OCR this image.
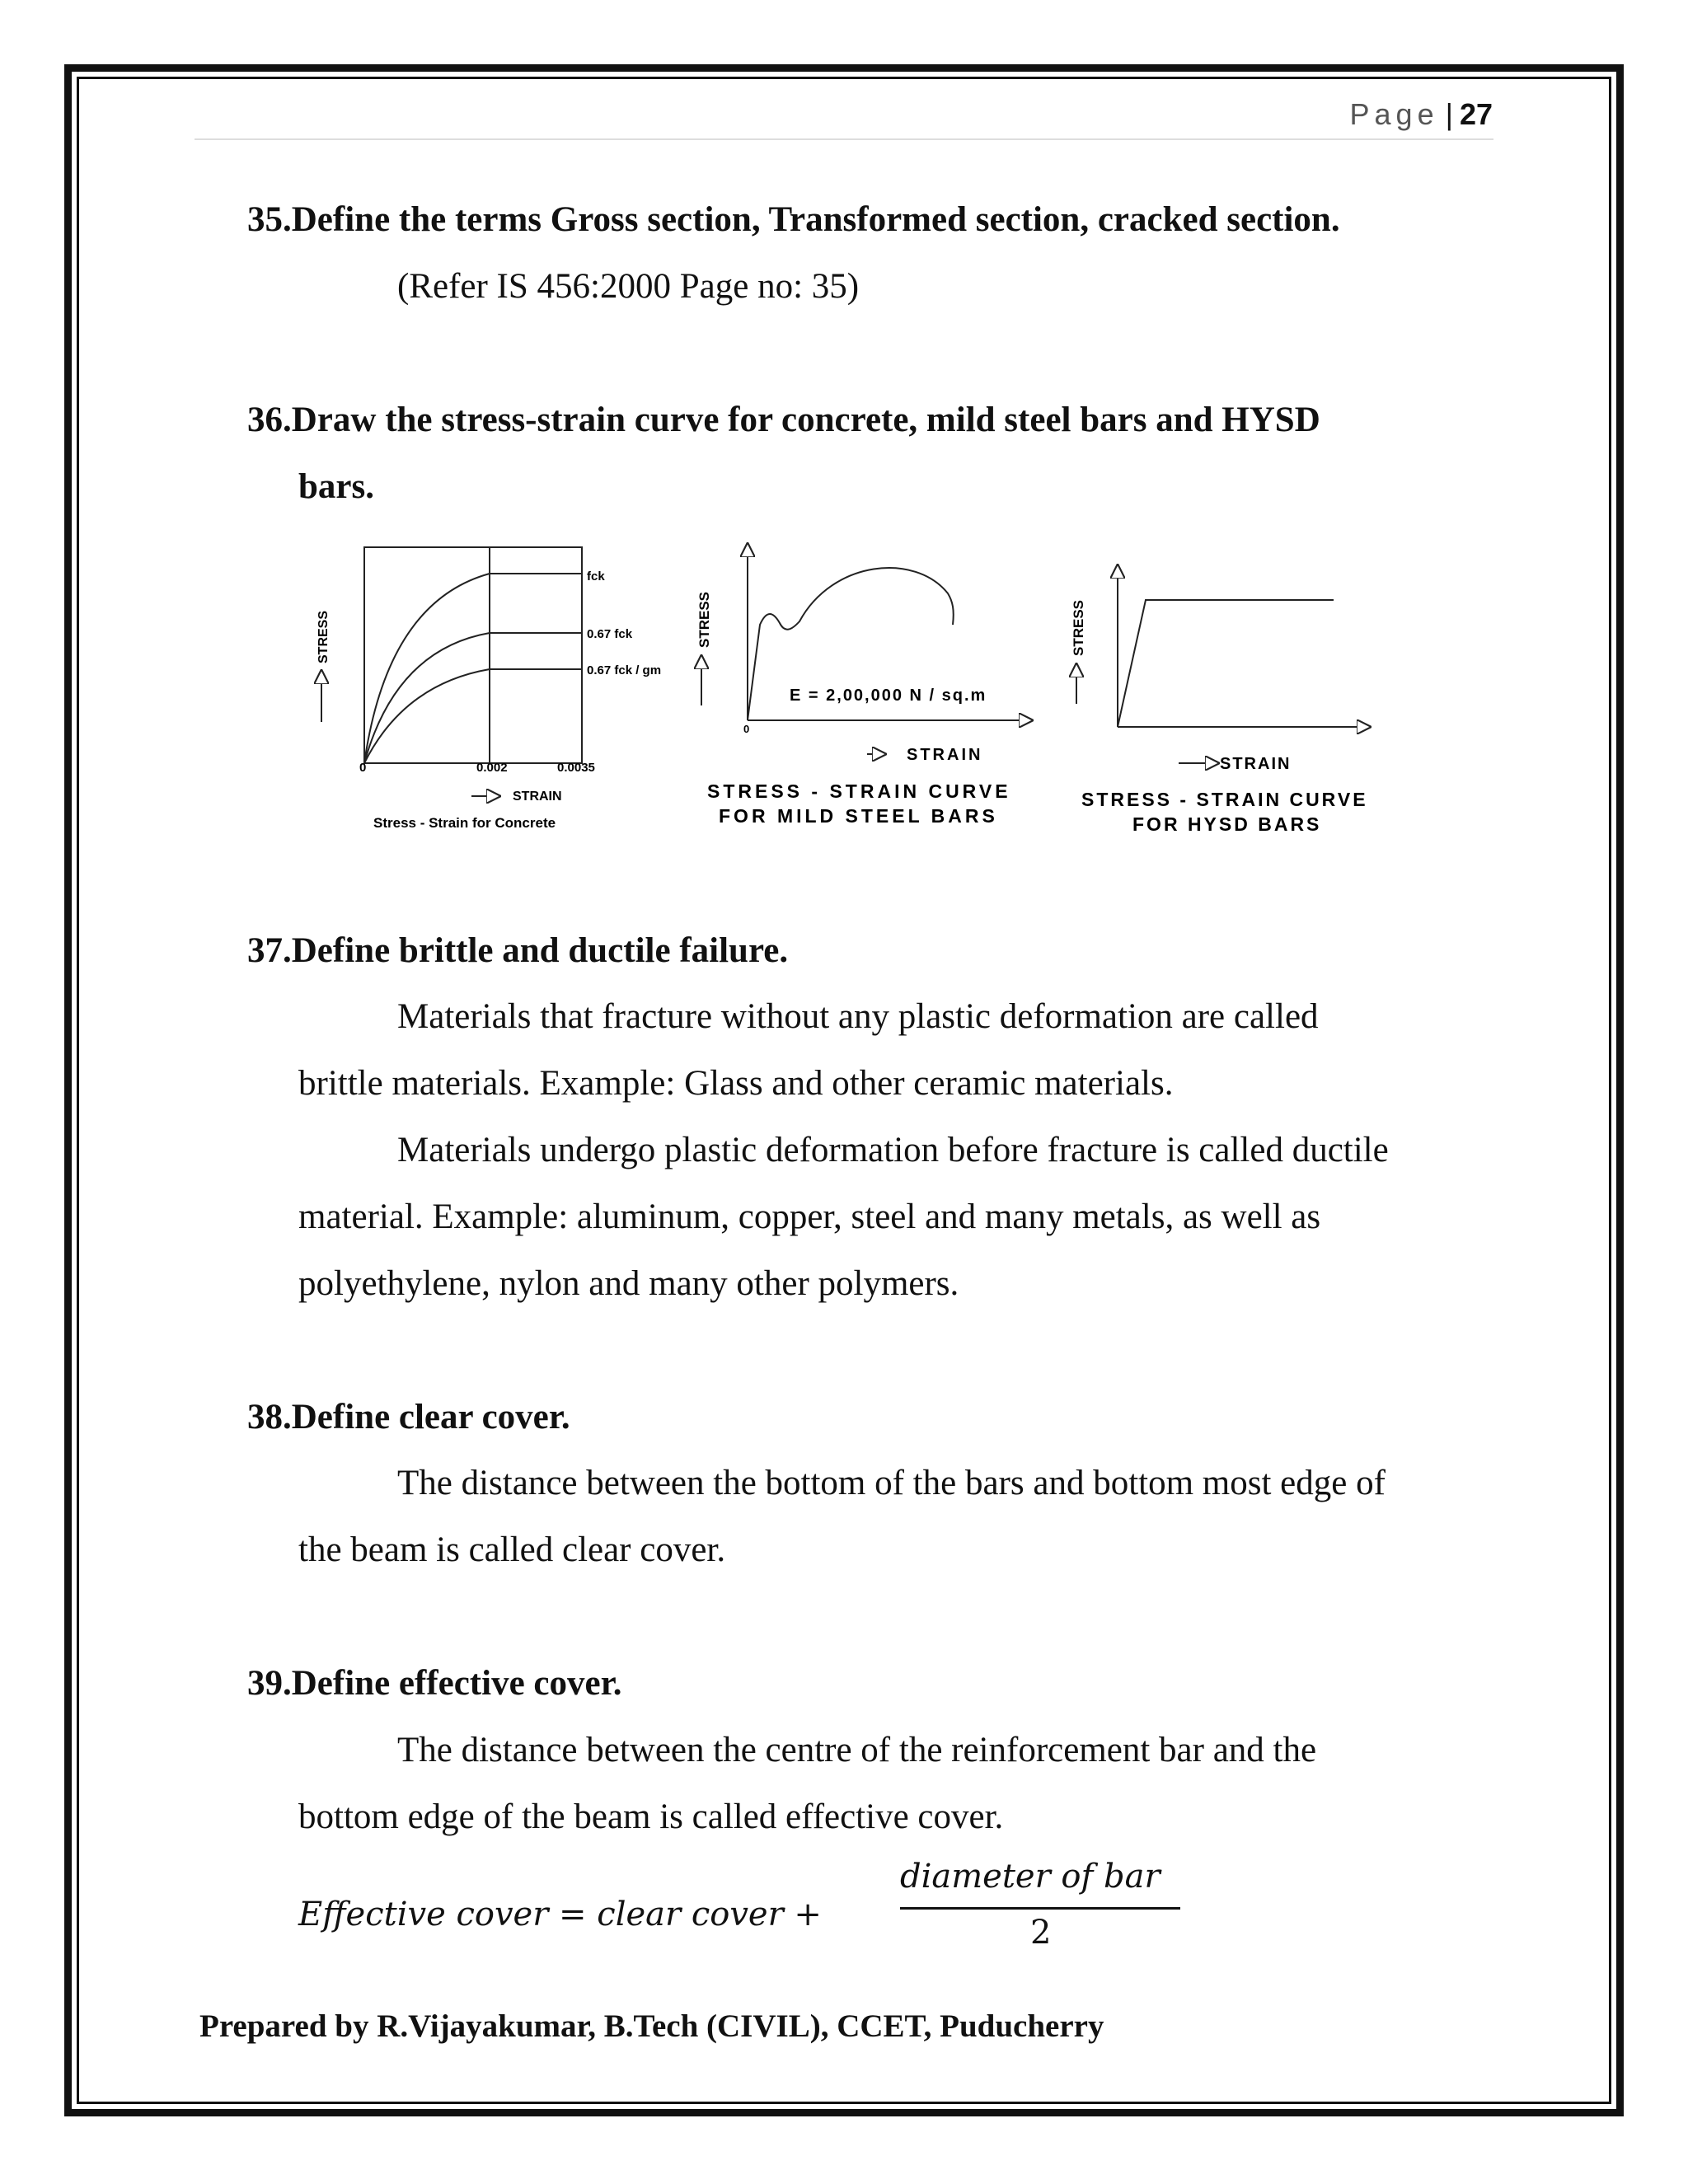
Page | 27
35.Define the terms Gross section, Transformed section, cracked section.
(Refer IS 456:2000 Page no: 35)
36.Draw the stress-strain curve for concrete, mild steel bars and HYSD
bars.
fck
0.67 fck
0.67 fck / gm
0	0.002	0.0035
STRAIN
Stress - Strain for Concrete
STRESS
0
E = 2,00,000 N / sq.m
STRAIN
STRESS - STRAIN CURVE
FOR MILD STEEL BARS
STRESS
STRAIN
STRESS - STRAIN CURVE
FOR HYSD BARS
STRESS
37.Define brittle and ductile failure.
Materials that fracture without any plastic deformation are called
brittle materials. Example: Glass and other ceramic materials.
Materials undergo plastic deformation before fracture is called ductile
material. Example: aluminum, copper, steel and many metals, as well as
polyethylene, nylon and many other polymers.
38.Define clear cover.
The distance between the bottom of the bars and bottom most edge of
the beam is called clear cover.
39.Define effective cover.
The distance between the centre of the reinforcement bar and the
bottom edge of the beam is called effective cover.
Effective cover = clear cover +
diameter of bar
2
Prepared by R.Vijayakumar, B.Tech (CIVIL), CCET, Puducherry
